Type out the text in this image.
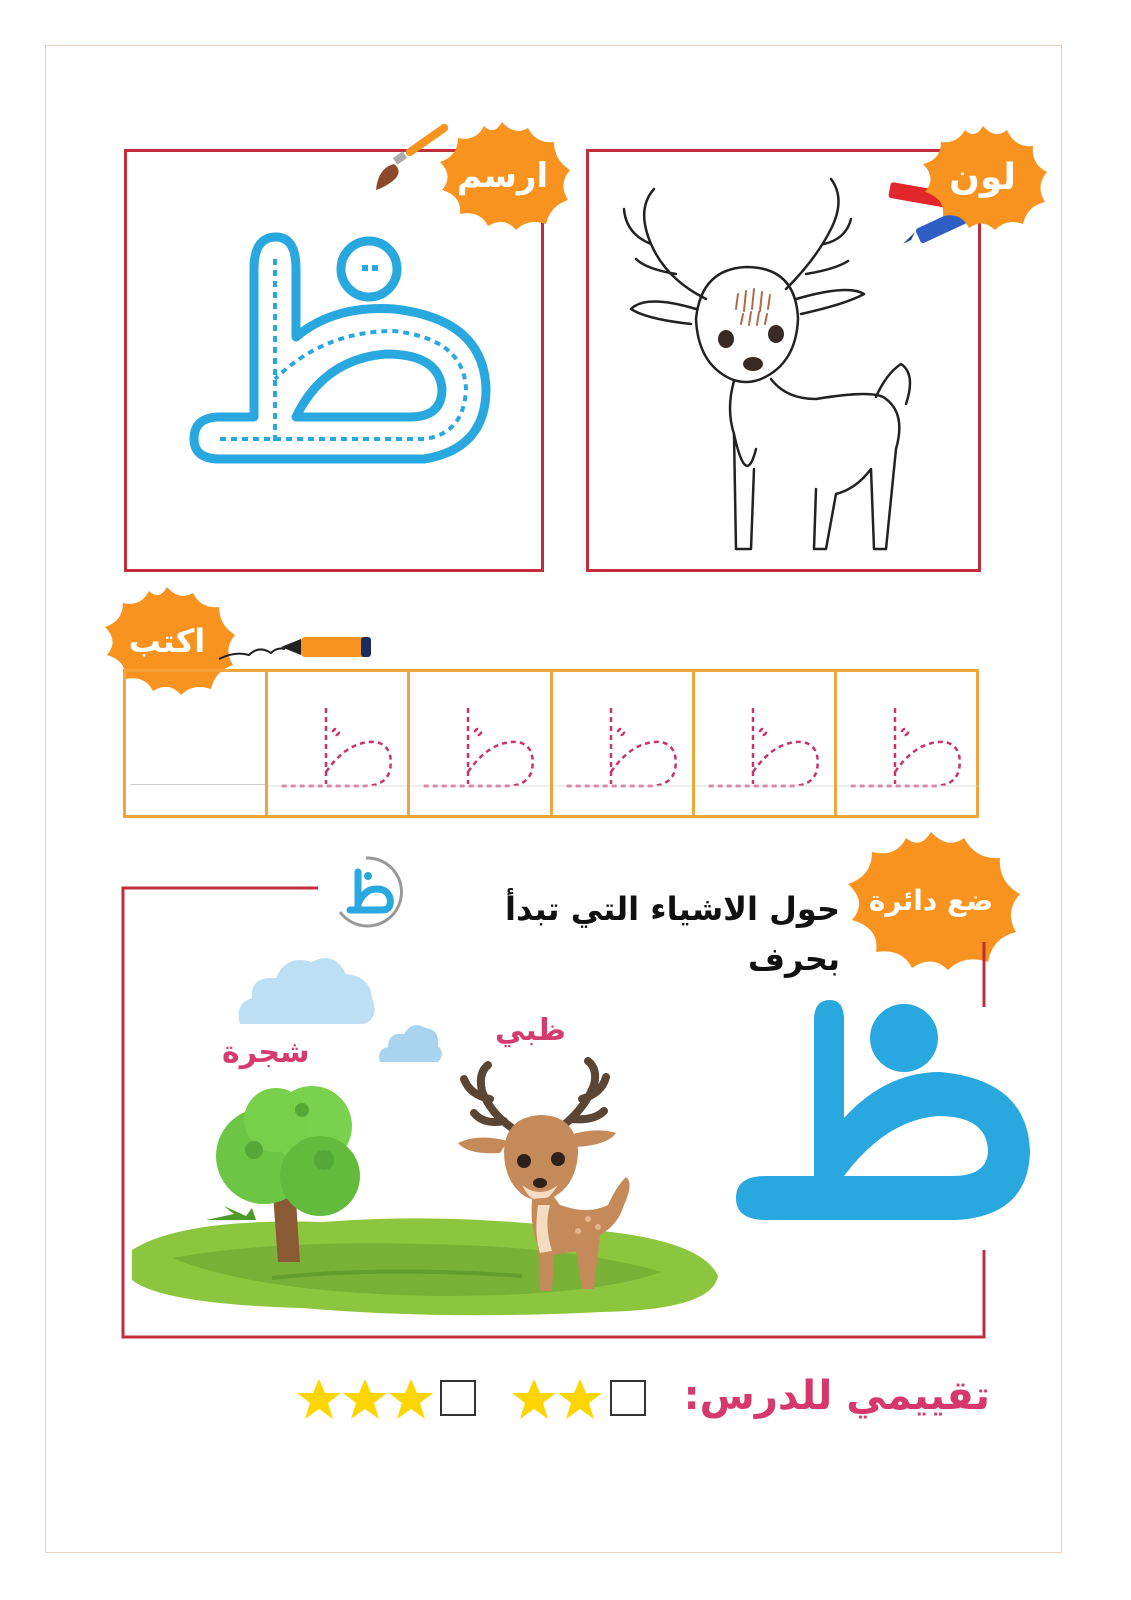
ارسم	لون
اكتب
ضع دائرة
حول الاشياء التي تبدأ بحرف
شجرة
ظبي
تقييمي للدرس:
